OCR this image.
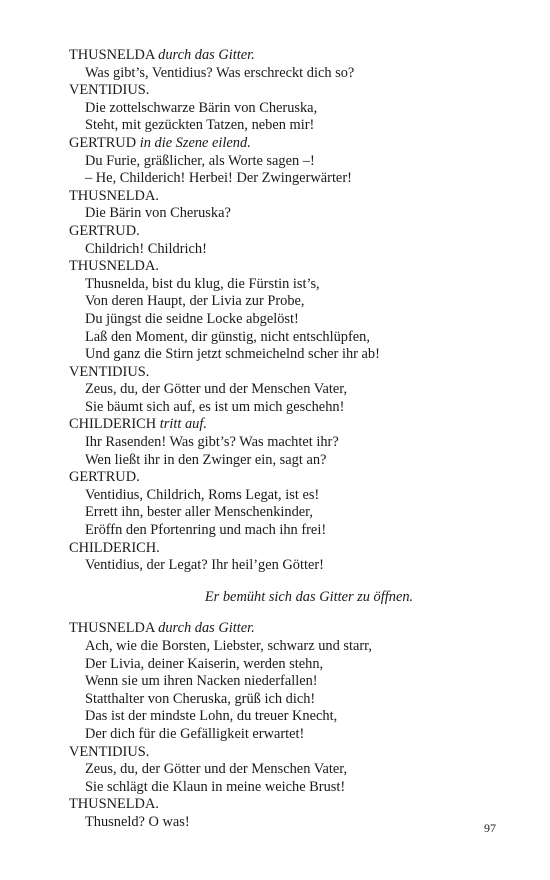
THUSNELDA durch das Gitter.
Was gibt’s, Ventidius? Was erschreckt dich so?
VENTIDIUS.
Die zottelschwarze Bärin von Cheruska,
Steht, mit gezückten Tatzen, neben mir!
GERTRUD in die Szene eilend.
Du Furie, gräßlicher, als Worte sagen –!
– He, Childerich! Herbei! Der Zwingerwärter!
THUSNELDA.
Die Bärin von Cheruska?
GERTRUD.
Childrich! Childrich!
THUSNELDA.
Thusnelda, bist du klug, die Fürstin ist’s,
Von deren Haupt, der Livia zur Probe,
Du jüngst die seidne Locke abgelöst!
Laß den Moment, dir günstig, nicht entschlüpfen,
Und ganz die Stirn jetzt schmeichelnd scher ihr ab!
VENTIDIUS.
Zeus, du, der Götter und der Menschen Vater,
Sie bäumt sich auf, es ist um mich geschehn!
CHILDERICH tritt auf.
Ihr Rasenden! Was gibt’s? Was machtet ihr?
Wen ließt ihr in den Zwinger ein, sagt an?
GERTRUD.
Ventidius, Childrich, Roms Legat, ist es!
Errett ihn, bester aller Menschenkinder,
Eröffn den Pfortenring und mach ihn frei!
CHILDERICH.
Ventidius, der Legat? Ihr heil’gen Götter!
Er bemüht sich das Gitter zu öffnen.
THUSNELDA durch das Gitter.
Ach, wie die Borsten, Liebster, schwarz und starr,
Der Livia, deiner Kaiserin, werden stehn,
Wenn sie um ihren Nacken niederfallen!
Statthalter von Cheruska, grüß ich dich!
Das ist der mindste Lohn, du treuer Knecht,
Der dich für die Gefälligkeit erwartet!
VENTIDIUS.
Zeus, du, der Götter und der Menschen Vater,
Sie schlägt die Klaun in meine weiche Brust!
THUSNELDA.
Thusneld? O was!	97
